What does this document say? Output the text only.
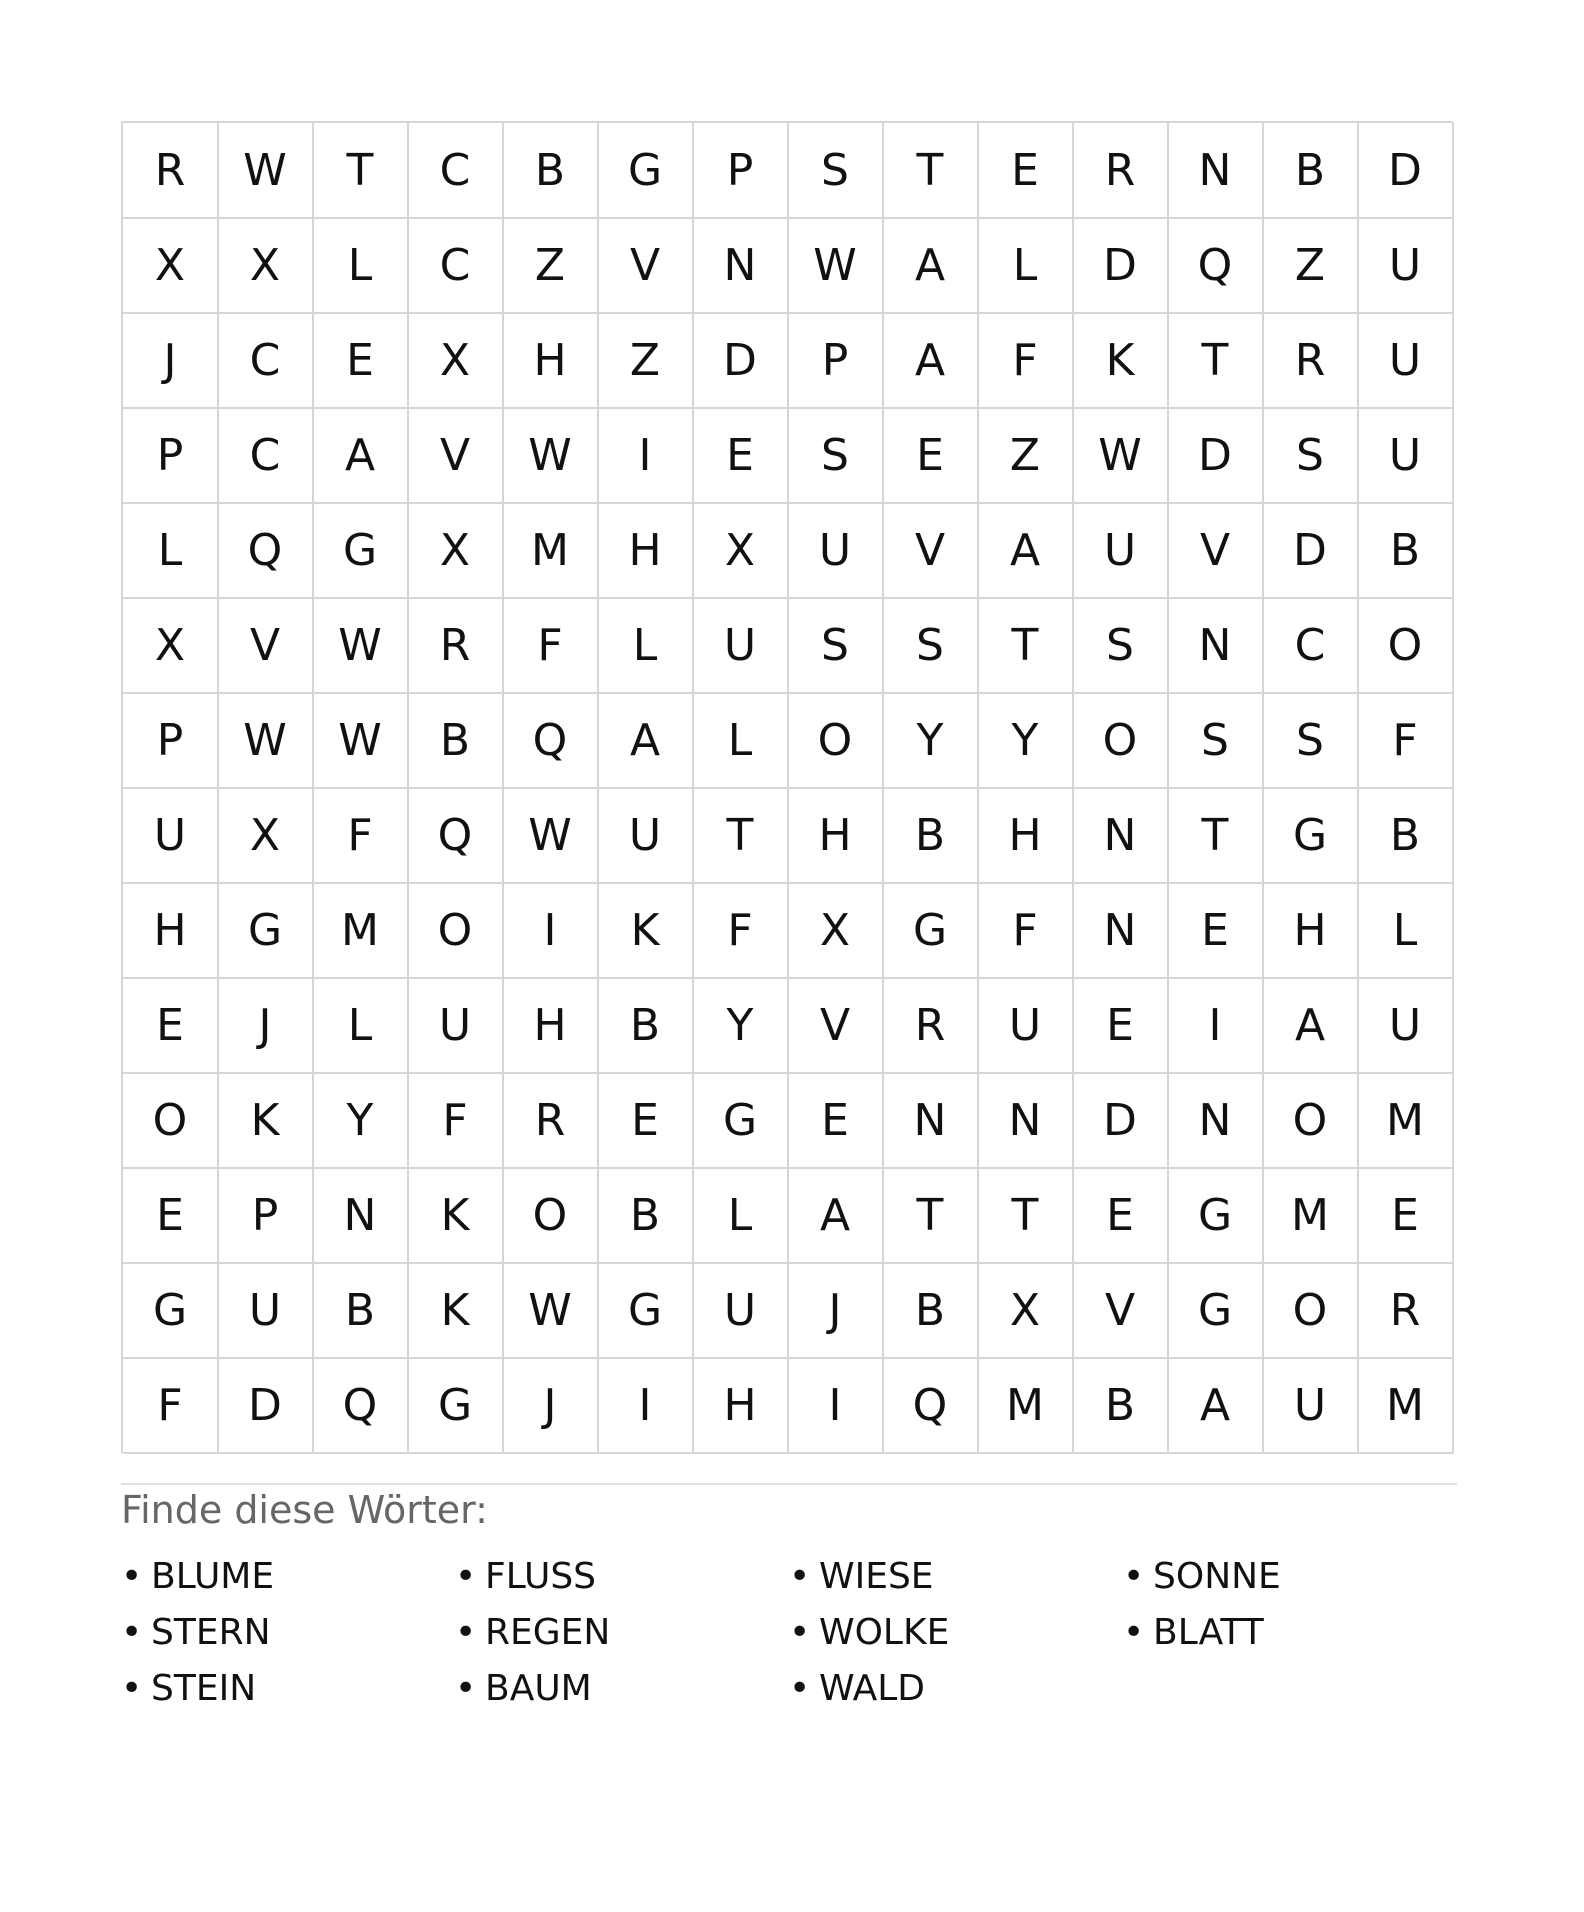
R	W	T	C	B	G	P	S	T	E	R	N	B	D
X	X	L	C	Z	V	N	W	A	L	D	Q	Z	U
J	C	E	X	H	Z	D	P	A	F	K	T	R	U
P	C	A	V	W	I	E	S	E	Z	W	D	S	U
L	Q	G	X	M	H	X	U	V	A	U	V	D	B
X	V	W	R	F	L	U	S	S	T	S	N	C	O
P	W	W	B	Q	A	L	O	Y	Y	O	S	S	F
U	X	F	Q	W	U	T	H	B	H	N	T	G	B
H	G	M	O	I	K	F	X	G	F	N	E	H	L
E	J	L	U	H	B	Y	V	R	U	E	I	A	U
O	K	Y	F	R	E	G	E	N	N	D	N	O	M
E	P	N	K	O	B	L	A	T	T	E	G	M	E
G	U	B	K	W	G	U	J	B	X	V	G	O	R
F	D	Q	G	J	I	H	I	Q	M	B	A	U	M
Finde diese Wörter:
• BLUME	• FLUSS	• WIESE	• SONNE
• STERN	• REGEN	• WOLKE	• BLATT
• STEIN	• BAUM	• WALD
